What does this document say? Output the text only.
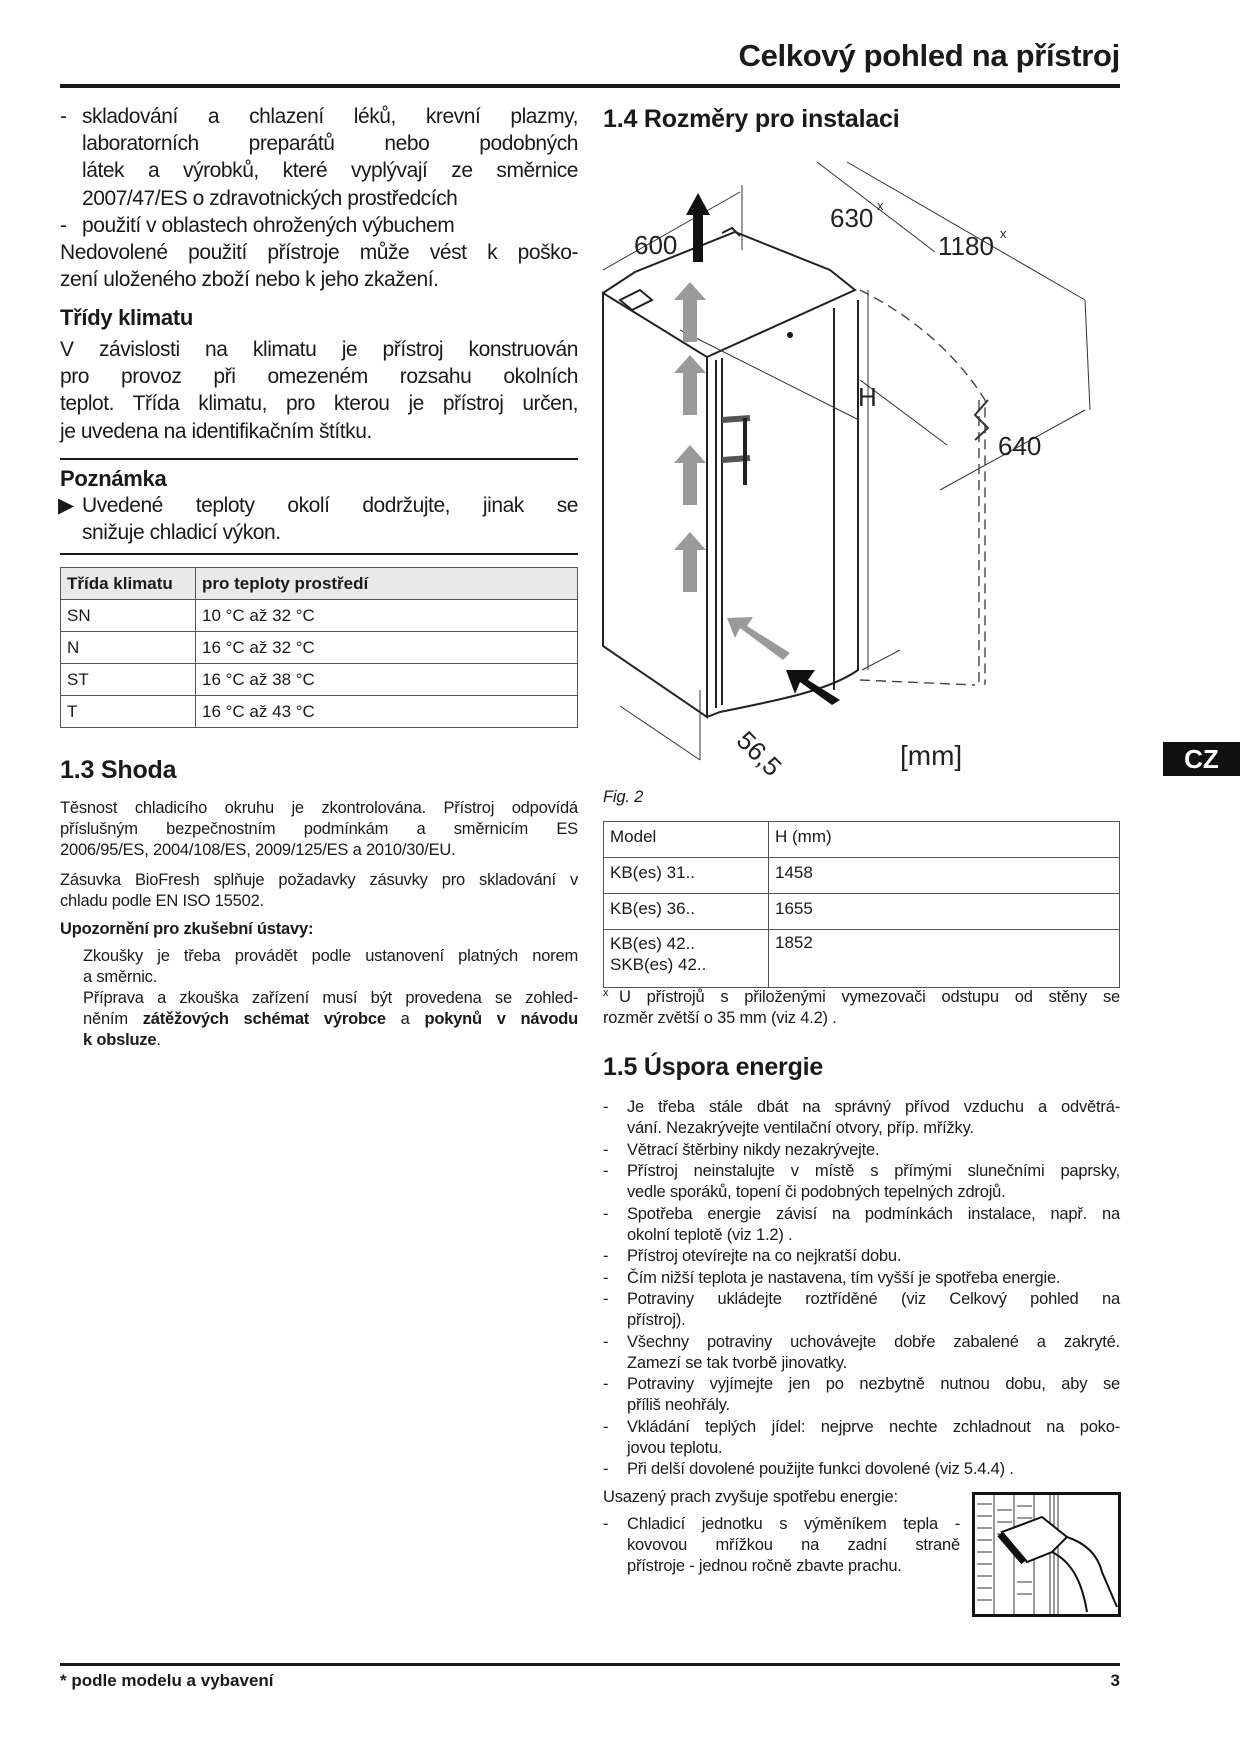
Celkový pohled na přístroj
- skladování a chlazení léků, krevní plazmy,
laboratorních preparátů nebo podobných
látek a výrobků, které vyplývají ze směrnice
2007/47/ES o zdravotnických prostředcích
- použití v oblastech ohrožených výbuchem
Nedovolené použití přístroje může vést k poško-
zení uloženého zboží nebo k jeho zkažení.
Třídy klimatu
V závislosti na klimatu je přístroj konstruován
pro provoz při omezeném rozsahu okolních
teplot. Třída klimatu, pro kterou je přístroj určen,
je uvedena na identifikačním štítku.
Poznámka
▶ Uvedené teploty okolí dodržujte, jinak se
snižuje chladicí výkon.
Třída klimatu	pro teploty prostředí
SN	10 °C až 32 °C
N	16 °C až 32 °C
ST	16 °C až 38 °C
T	16 °C až 43 °C
1.3 Shoda
Těsnost chladicího okruhu je zkontrolována. Přístroj odpovídá
příslušným bezpečnostním podmínkám a směrnicím ES
2006/95/ES, 2004/108/ES, 2009/125/ES a 2010/30/EU.
Zásuvka BioFresh splňuje požadavky zásuvky pro skladování v
chladu podle EN ISO 15502.
Upozornění pro zkušební ústavy:
Zkoušky je třeba provádět podle ustanovení platných norem
a směrnic.
Příprava a zkouška zařízení musí být provedena se zohled-
něním zátěžových schémat výrobce a pokynů v návodu
k obsluze.
1.4 Rozměry pro instalaci
600
630 x
1180 x
H
640
56,5	[mm]	CZ
Fig. 2
Model	H (mm)
KB(es) 31..	1458
KB(es) 36..	1655
KB(es) 42..
SKB(es) 42..	1852
x U přístrojů s přiloženými vymezovači odstupu od stěny se
rozměr zvětší o 35 mm (viz 4.2) .
1.5 Úspora energie
- Je třeba stále dbát na správný přívod vzduchu a odvětrá-
vání. Nezakrývejte ventilační otvory, příp. mřížky.
- Větrací štěrbiny nikdy nezakrývejte.
- Přístroj neinstalujte v místě s přímými slunečními paprsky,
vedle sporáků, topení či podobných tepelných zdrojů.
- Spotřeba energie závisí na podmínkách instalace, např. na
okolní teplotě (viz 1.2) .
- Přístroj otevírejte na co nejkratší dobu.
- Čím nižší teplota je nastavena, tím vyšší je spotřeba energie.
- Potraviny ukládejte roztříděné (viz Celkový pohled na
přístroj).
- Všechny potraviny uchovávejte dobře zabalené a zakryté.
Zamezí se tak tvorbě jinovatky.
- Potraviny vyjímejte jen po nezbytně nutnou dobu, aby se
příliš neohřály.
- Vkládání teplých jídel: nejprve nechte zchladnout na poko-
jovou teplotu.
- Při delší dovolené použijte funkci dovolené (viz 5.4.4) .
Usazený prach zvyšuje spotřebu energie:
- Chladicí jednotku s výměníkem tepla -
kovovou mřížkou na zadní straně
přístroje - jednou ročně zbavte prachu.
* podle modelu a vybavení	3
